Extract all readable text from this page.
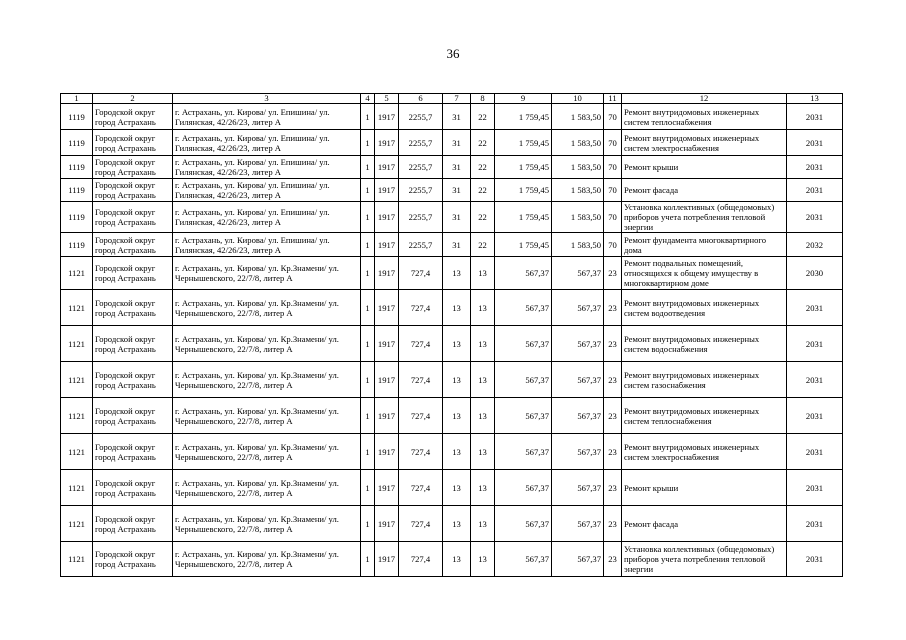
36
1	2	3	4	5	6	7	8	9	10	11	12	13
1119	Городской округ город Астрахань	г. Астрахань, ул. Кирова/ ул. Епишина/ ул. Гилянская, 42/26/23, литер А	1	1917	2255,7	31	22	1 759,45	1 583,50	70	Ремонт внутридомовых инженерных систем теплоснабжения	2031
1119	Городской округ город Астрахань	г. Астрахань, ул. Кирова/ ул. Епишина/ ул. Гилянская, 42/26/23, литер А	1	1917	2255,7	31	22	1 759,45	1 583,50	70	Ремонт внутридомовых инженерных систем электроснабжения	2031
1119	Городской округ город Астрахань	г. Астрахань, ул. Кирова/ ул. Епишина/ ул. Гилянская, 42/26/23, литер А	1	1917	2255,7	31	22	1 759,45	1 583,50	70	Ремонт крыши	2031
1119	Городской округ город Астрахань	г. Астрахань, ул. Кирова/ ул. Епишина/ ул. Гилянская, 42/26/23, литер А	1	1917	2255,7	31	22	1 759,45	1 583,50	70	Ремонт фасада	2031
1119	Городской округ город Астрахань	г. Астрахань, ул. Кирова/ ул. Епишина/ ул. Гилянская, 42/26/23, литер А	1	1917	2255,7	31	22	1 759,45	1 583,50	70	Установка коллективных (общедомовых) приборов учета потребления тепловой энергии	2031
1119	Городской округ город Астрахань	г. Астрахань, ул. Кирова/ ул. Епишина/ ул. Гилянская, 42/26/23, литер А	1	1917	2255,7	31	22	1 759,45	1 583,50	70	Ремонт фундамента многоквартирного дома	2032
1121	Городской округ город Астрахань	г. Астрахань, ул. Кирова/ ул. Кр.Знамени/ ул. Чернышевского, 22/7/8, литер А	1	1917	727,4	13	13	567,37	567,37	23	Ремонт подвальных помещений, относящихся к общему имуществу в многоквартирном доме	2030
1121	Городской округ город Астрахань	г. Астрахань, ул. Кирова/ ул. Кр.Знамени/ ул. Чернышевского, 22/7/8, литер А	1	1917	727,4	13	13	567,37	567,37	23	Ремонт внутридомовых инженерных систем водоотведения	2031
1121	Городской округ город Астрахань	г. Астрахань, ул. Кирова/ ул. Кр.Знамени/ ул. Чернышевского, 22/7/8, литер А	1	1917	727,4	13	13	567,37	567,37	23	Ремонт внутридомовых инженерных систем водоснабжения	2031
1121	Городской округ город Астрахань	г. Астрахань, ул. Кирова/ ул. Кр.Знамени/ ул. Чернышевского, 22/7/8, литер А	1	1917	727,4	13	13	567,37	567,37	23	Ремонт внутридомовых инженерных систем газоснабжения	2031
1121	Городской округ город Астрахань	г. Астрахань, ул. Кирова/ ул. Кр.Знамени/ ул. Чернышевского, 22/7/8, литер А	1	1917	727,4	13	13	567,37	567,37	23	Ремонт внутридомовых инженерных систем теплоснабжения	2031
1121	Городской округ город Астрахань	г. Астрахань, ул. Кирова/ ул. Кр.Знамени/ ул. Чернышевского, 22/7/8, литер А	1	1917	727,4	13	13	567,37	567,37	23	Ремонт внутридомовых инженерных систем электроснабжения	2031
1121	Городской округ город Астрахань	г. Астрахань, ул. Кирова/ ул. Кр.Знамени/ ул. Чернышевского, 22/7/8, литер А	1	1917	727,4	13	13	567,37	567,37	23	Ремонт крыши	2031
1121	Городской округ город Астрахань	г. Астрахань, ул. Кирова/ ул. Кр.Знамени/ ул. Чернышевского, 22/7/8, литер А	1	1917	727,4	13	13	567,37	567,37	23	Ремонт фасада	2031
1121	Городской округ город Астрахань	г. Астрахань, ул. Кирова/ ул. Кр.Знамени/ ул. Чернышевского, 22/7/8, литер А	1	1917	727,4	13	13	567,37	567,37	23	Установка коллективных (общедомовых) приборов учета потребления тепловой энергии	2031
